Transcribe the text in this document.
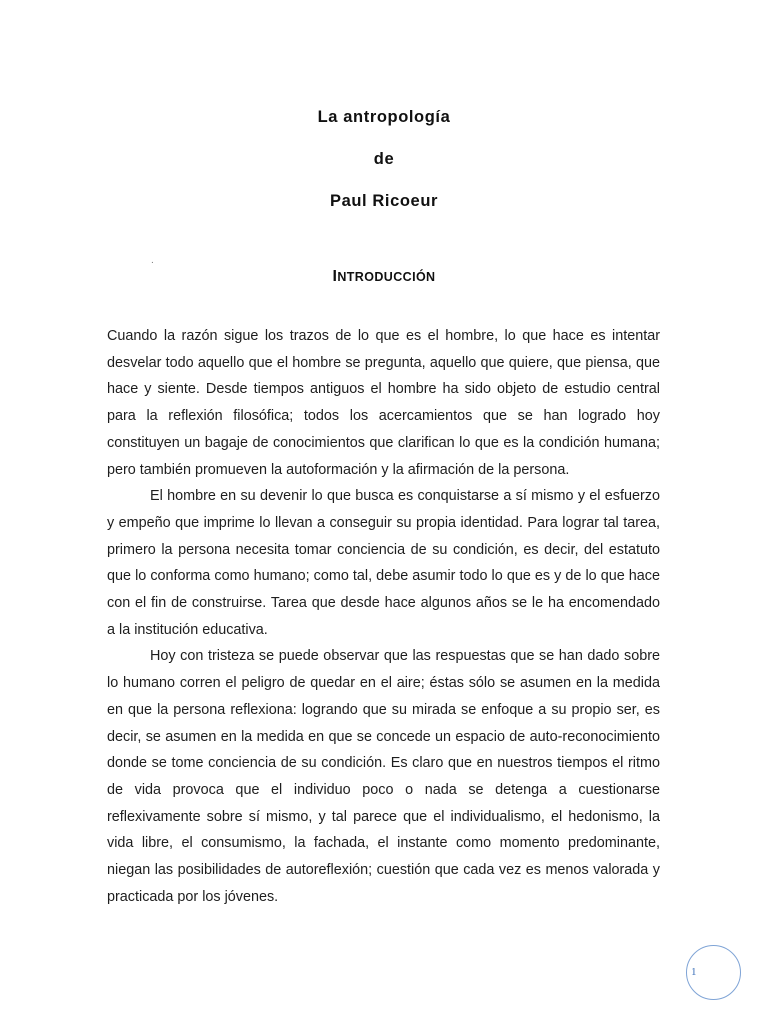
La antropología
de
Paul Ricoeur
.
INTRODUCCIÓN

Cuando la razón sigue los trazos de lo que es el hombre, lo que hace es intentar desvelar todo aquello que el hombre se pregunta, aquello que quiere, que piensa, que hace y siente. Desde tiempos antiguos el hombre ha sido objeto de estudio central para la reflexión filosófica; todos los acercamientos que se han logrado hoy constituyen un bagaje de conocimientos que clarifican lo que es la condición humana; pero también promueven la autoformación y la afirmación de la persona.

El hombre en su devenir lo que busca es conquistarse a sí mismo y el esfuerzo y empeño que imprime lo llevan a conseguir su propia identidad. Para lograr tal tarea, primero la persona necesita tomar conciencia de su condición, es decir, del estatuto que lo conforma como humano; como tal, debe asumir todo lo que es y de lo que hace con el fin de construirse. Tarea que desde hace algunos años se le ha encomendado a la institución educativa.

Hoy con tristeza se puede observar que las respuestas que se han dado sobre lo humano corren el peligro de quedar en el aire; éstas sólo se asumen en la medida en que la persona reflexiona: logrando que su mirada se enfoque a su propio ser, es decir, se asumen en la medida en que se concede un espacio de auto-reconocimiento donde se tome conciencia de su condición. Es claro que en nuestros tiempos el ritmo de vida provoca que el individuo poco o nada se detenga a cuestionarse reflexivamente sobre sí mismo, y tal parece que el individualismo, el hedonismo, la vida libre, el consumismo, la fachada, el instante como momento predominante, niegan las posibilidades de autoreflexión; cuestión que cada vez es menos valorada y practicada por los jóvenes.

1
